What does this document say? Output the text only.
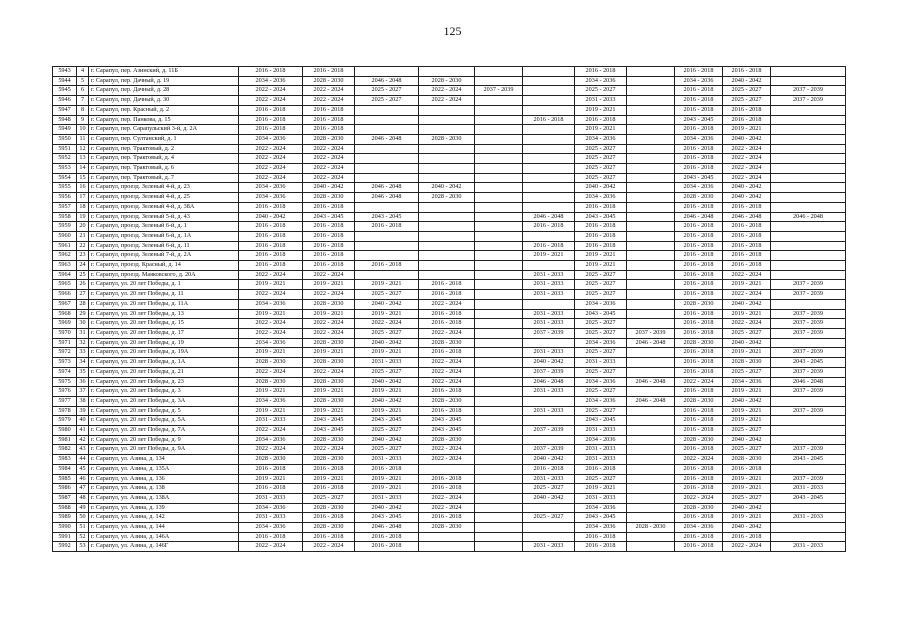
125
5943	4	г. Сарапул, пер. Азинский, д. 11Б	2016 - 2018	2016 - 2018					2016 - 2018		2016 - 2018	2016 - 2018	
5944	5	г. Сарапул, пер. Дачный, д. 19	2034 - 2036	2028 - 2030	2046 - 2048	2028 - 2030			2034 - 2036		2034 - 2036	2040 - 2042	
5945	6	г. Сарапул, пер. Дачный, д. 28	2022 - 2024	2022 - 2024	2025 - 2027	2022 - 2024	2037 - 2039		2025 - 2027		2016 - 2018	2025 - 2027	2037 - 2039
5946	7	г. Сарапул, пер. Дачный, д. 30	2022 - 2024	2022 - 2024	2025 - 2027	2022 - 2024			2031 - 2033		2016 - 2018	2025 - 2027	2037 - 2039
5947	8	г. Сарапул, пер. Красный, д. 2	2016 - 2018	2016 - 2018					2019 - 2021		2016 - 2018	2016 - 2018	
5948	9	г. Сарапул, пер. Панкова, д. 15	2016 - 2018	2016 - 2018				2016 - 2018	2016 - 2018		2043 - 2045	2016 - 2018	
5949	10	г. Сарапул, пер. Сарапульский 3-й, д. 2А	2016 - 2018	2016 - 2018					2019 - 2021		2016 - 2018	2019 - 2021	
5950	11	г. Сарапул, пер. Султанский, д. 1	2034 - 2036	2028 - 2030	2046 - 2048	2028 - 2030			2034 - 2036		2034 - 2036	2040 - 2042	
5951	12	г. Сарапул, пер. Трактовый, д. 2	2022 - 2024	2022 - 2024					2025 - 2027		2016 - 2018	2022 - 2024	
5952	13	г. Сарапул, пер. Трактовый, д. 4	2022 - 2024	2022 - 2024					2025 - 2027		2016 - 2018	2022 - 2024	
5953	14	г. Сарапул, пер. Трактовый, д. 6	2022 - 2024	2022 - 2024					2025 - 2027		2016 - 2018	2022 - 2024	
5954	15	г. Сарапул, пер. Трактовый, д. 7	2022 - 2024	2022 - 2024					2025 - 2027		2043 - 2045	2022 - 2024	
5955	16	г. Сарапул, проезд. Зеленый 4-й, д. 23	2034 - 2036	2040 - 2042	2046 - 2048	2040 - 2042			2040 - 2042		2034 - 2036	2040 - 2042	
5956	17	г. Сарапул, проезд. Зеленый 4-й, д. 25	2034 - 2036	2028 - 2030	2046 - 2048	2028 - 2030			2034 - 2036		2028 - 2030	2040 - 2042	
5957	18	г. Сарапул, проезд. Зеленый 4-й, д. 38А	2016 - 2018	2016 - 2018					2016 - 2018		2016 - 2018	2016 - 2018	
5958	19	г. Сарапул, проезд. Зеленый 5-й, д. 43	2040 - 2042	2043 - 2045	2043 - 2045			2046 - 2048	2043 - 2045		2046 - 2048	2046 - 2048	2046 - 2048
5959	20	г. Сарапул, проезд. Зеленый 6-й, д. 1	2016 - 2018	2016 - 2018	2016 - 2018			2016 - 2018	2016 - 2018		2016 - 2018	2016 - 2018	
5960	21	г. Сарапул, проезд. Зеленый 6-й, д. 1А	2016 - 2018	2016 - 2018					2016 - 2018		2016 - 2018	2016 - 2018	
5961	22	г. Сарапул, проезд. Зеленый 6-й, д. 11	2016 - 2018	2016 - 2018				2016 - 2018	2016 - 2018		2016 - 2018	2016 - 2018	
5962	23	г. Сарапул, проезд. Зеленый 7-й, д. 2А	2016 - 2018	2016 - 2018				2019 - 2021	2019 - 2021		2016 - 2018	2016 - 2018	
5963	24	г. Сарапул, проезд. Красный, д. 14	2016 - 2018	2016 - 2018	2016 - 2018				2019 - 2021		2016 - 2018	2016 - 2018	
5964	25	г. Сарапул, проезд. Маяковского, д. 20А	2022 - 2024	2022 - 2024				2031 - 2033	2025 - 2027		2016 - 2018	2022 - 2024	
5965	26	г. Сарапул, ул. 20 лет Победы, д. 1	2019 - 2021	2019 - 2021	2019 - 2021	2016 - 2018		2031 - 2033	2025 - 2027		2016 - 2018	2019 - 2021	2037 - 2039
5966	27	г. Сарапул, ул. 20 лет Победы, д. 11	2022 - 2024	2022 - 2024	2025 - 2027	2016 - 2018		2031 - 2033	2025 - 2027		2016 - 2018	2022 - 2024	2037 - 2039
5967	28	г. Сарапул, ул. 20 лет Победы, д. 11А	2034 - 2036	2028 - 2030	2040 - 2042	2022 - 2024			2034 - 2036		2028 - 2030	2040 - 2042	
5968	29	г. Сарапул, ул. 20 лет Победы, д. 13	2019 - 2021	2019 - 2021	2019 - 2021	2016 - 2018		2031 - 2033	2043 - 2045		2016 - 2018	2019 - 2021	2037 - 2039
5969	30	г. Сарапул, ул. 20 лет Победы, д. 15	2022 - 2024	2022 - 2024	2022 - 2024	2016 - 2018		2031 - 2033	2025 - 2027		2016 - 2018	2022 - 2024	2037 - 2039
5970	31	г. Сарапул, ул. 20 лет Победы, д. 17	2022 - 2024	2022 - 2024	2025 - 2027	2022 - 2024		2037 - 2039	2025 - 2027	2037 - 2039	2016 - 2018	2025 - 2027	2037 - 2039
5971	32	г. Сарапул, ул. 20 лет Победы, д. 19	2034 - 2036	2028 - 2030	2040 - 2042	2028 - 2030			2034 - 2036	2046 - 2048	2028 - 2030	2040 - 2042	
5972	33	г. Сарапул, ул. 20 лет Победы, д. 19А	2019 - 2021	2019 - 2021	2019 - 2021	2016 - 2018		2031 - 2033	2025 - 2027		2016 - 2018	2019 - 2021	2037 - 2039
5973	34	г. Сарапул, ул. 20 лет Победы, д. 1А	2028 - 2030	2028 - 2030	2031 - 2033	2022 - 2024		2040 - 2042	2031 - 2033		2016 - 2018	2028 - 2030	2043 - 2045
5974	35	г. Сарапул, ул. 20 лет Победы, д. 21	2022 - 2024	2022 - 2024	2025 - 2027	2022 - 2024		2037 - 2039	2025 - 2027		2016 - 2018	2025 - 2027	2037 - 2039
5975	36	г. Сарапул, ул. 20 лет Победы, д. 23	2028 - 2030	2028 - 2030	2040 - 2042	2022 - 2024		2046 - 2048	2034 - 2036	2046 - 2048	2022 - 2024	2034 - 2036	2046 - 2048
5976	37	г. Сарапул, ул. 20 лет Победы, д. 3	2019 - 2021	2019 - 2021	2019 - 2021	2016 - 2018		2031 - 2033	2025 - 2027		2016 - 2018	2019 - 2021	2037 - 2039
5977	38	г. Сарапул, ул. 20 лет Победы, д. 3А	2034 - 2036	2028 - 2030	2040 - 2042	2028 - 2030			2034 - 2036	2046 - 2048	2028 - 2030	2040 - 2042	
5978	39	г. Сарапул, ул. 20 лет Победы, д. 5	2019 - 2021	2019 - 2021	2019 - 2021	2016 - 2018		2031 - 2033	2025 - 2027		2016 - 2018	2019 - 2021	2037 - 2039
5979	40	г. Сарапул, ул. 20 лет Победы, д. 5А	2031 - 2033	2043 - 2045	2043 - 2045	2043 - 2045			2043 - 2045		2016 - 2018	2019 - 2021	
5980	41	г. Сарапул, ул. 20 лет Победы, д. 7А	2022 - 2024	2043 - 2045	2025 - 2027	2043 - 2045		2037 - 2039	2031 - 2033		2016 - 2018	2025 - 2027	
5981	42	г. Сарапул, ул. 20 лет Победы, д. 9	2034 - 2036	2028 - 2030	2040 - 2042	2028 - 2030			2034 - 2036		2028 - 2030	2040 - 2042	
5982	43	г. Сарапул, ул. 20 лет Победы, д. 9А	2022 - 2024	2022 - 2024	2025 - 2027	2022 - 2024		2037 - 2039	2031 - 2033		2016 - 2018	2025 - 2027	2037 - 2039
5983	44	г. Сарапул, ул. Азина, д. 134	2028 - 2030	2028 - 2030	2031 - 2033	2022 - 2024		2040 - 2042	2031 - 2033		2022 - 2024	2028 - 2030	2043 - 2045
5984	45	г. Сарапул, ул. Азина, д. 135А	2016 - 2018	2016 - 2018	2016 - 2018			2016 - 2018	2016 - 2018		2016 - 2018	2016 - 2018	
5985	46	г. Сарапул, ул. Азина, д. 136	2019 - 2021	2019 - 2021	2019 - 2021	2016 - 2018		2031 - 2033	2025 - 2027		2016 - 2018	2019 - 2021	2037 - 2039
5986	47	г. Сарапул, ул. Азина, д. 138	2016 - 2018	2016 - 2018	2019 - 2021	2016 - 2018		2025 - 2027	2019 - 2021		2016 - 2018	2019 - 2021	2031 - 2033
5987	48	г. Сарапул, ул. Азина, д. 138А	2031 - 2033	2025 - 2027	2031 - 2033	2022 - 2024		2040 - 2042	2031 - 2033		2022 - 2024	2025 - 2027	2043 - 2045
5988	49	г. Сарапул, ул. Азина, д. 139	2034 - 2036	2028 - 2030	2040 - 2042	2022 - 2024			2034 - 2036		2028 - 2030	2040 - 2042	
5989	50	г. Сарапул, ул. Азина, д. 142	2031 - 2033	2016 - 2018	2043 - 2045	2016 - 2018		2025 - 2027	2043 - 2045		2016 - 2018	2019 - 2021	2031 - 2033
5990	51	г. Сарапул, ул. Азина, д. 144	2034 - 2036	2028 - 2030	2046 - 2048	2028 - 2030			2034 - 2036	2028 - 2030	2034 - 2036	2040 - 2042	
5991	52	г. Сарапул, ул. Азина, д. 146А	2016 - 2018	2016 - 2018	2016 - 2018				2016 - 2018		2016 - 2018	2016 - 2018	
5992	53	г. Сарапул, ул. Азина, д. 146Г	2022 - 2024	2022 - 2024	2016 - 2018			2031 - 2033	2016 - 2018		2016 - 2018	2022 - 2024	2031 - 2033
